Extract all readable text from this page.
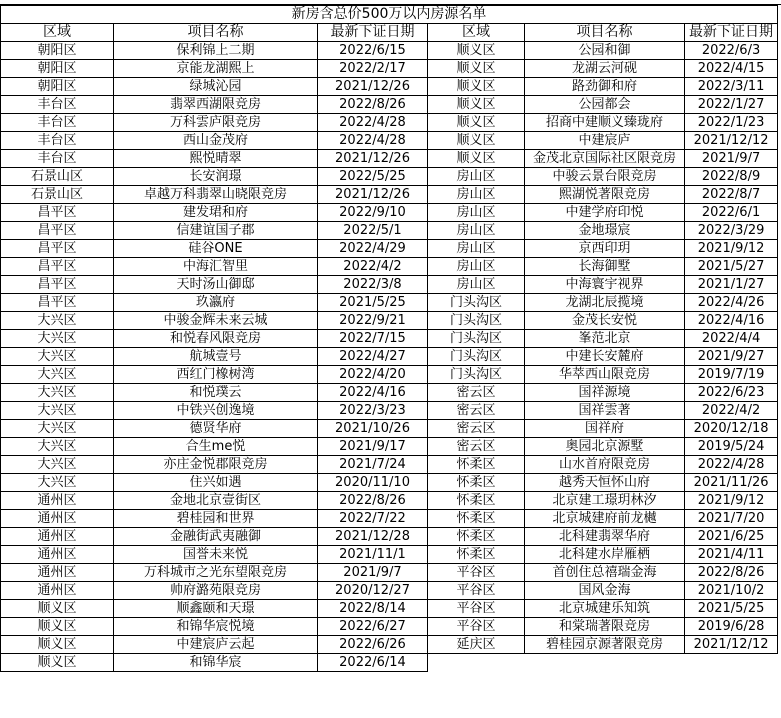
新房含总价500万以内房源名单					
区域	项目名称	最新下证日期	区域	项目名称	最新下证日期
朝阳区	保利锦上二期	2022/6/15	顺义区	公园和御	2022/6/3
朝阳区	京能龙湖熙上	2022/2/17	顺义区	龙湖云河砚	2022/4/15
朝阳区	绿城沁园	2021/12/26	顺义区	路劲御和府	2022/3/11
丰台区	翡翠西湖限竞房	2022/8/26	顺义区	公园都会	2022/1/27
丰台区	万科雲庐限竞房	2022/4/28	顺义区	招商中建顺义臻珑府	2022/1/23
丰台区	西山金茂府	2022/4/28	顺义区	中建宸庐	2021/12/12
丰台区	熙悦晴翠	2021/12/26	顺义区	金茂北京国际社区限竞房	2021/9/7
石景山区	长安润璟	2022/5/25	房山区	中骏云景台限竞房	2022/8/9
石景山区	卓越万科翡翠山晓限竞房	2021/12/26	房山区	熙湖悦著限竞房	2022/8/7
昌平区	建发珺和府	2022/9/10	房山区	中建学府印悦	2022/6/1
昌平区	信建谊国子郡	2022/5/1	房山区	金地璟宸	2022/3/29
昌平区	硅谷ONE	2022/4/29	房山区	京西印玥	2021/9/12
昌平区	中海汇智里	2022/4/2	房山区	长海御墅	2021/5/27
昌平区	天时汤山御邸	2022/3/8	房山区	中海寰宇视界	2021/1/27
昌平区	玖瀛府	2021/5/25	门头沟区	龙湖北辰揽境	2022/4/26
大兴区	中骏金辉未来云城	2022/9/21	门头沟区	金茂长安悦	2022/4/16
大兴区	和悦春风限竞房	2022/7/15	门头沟区	峯范北京	2022/4/4
大兴区	航城壹号	2022/4/27	门头沟区	中建长安麓府	2021/9/27
大兴区	西红门橡树湾	2022/4/20	门头沟区	华萃西山限竞房	2019/7/19
大兴区	和悦璞云	2022/4/16	密云区	国祥源境	2022/6/23
大兴区	中铁兴创逸境	2022/3/23	密云区	国祥雲著	2022/4/2
大兴区	德贤华府	2021/10/26	密云区	国祥府	2020/12/18
大兴区	合生me悦	2021/9/17	密云区	奥园北京源墅	2019/5/24
大兴区	亦庄金悦郡限竞房	2021/7/24	怀柔区	山水首府限竞房	2022/4/28
大兴区	住兴如遇	2020/11/10	怀柔区	越秀天恒怀山府	2021/11/26
通州区	金地北京壹街区	2022/8/26	怀柔区	北京建工璟玥林汐	2021/9/12
通州区	碧桂园和世界	2022/7/22	怀柔区	北京城建府前龙樾	2021/7/20
通州区	金融街武夷融御	2021/12/28	怀柔区	北科建翡翠华府	2021/6/25
通州区	国誉未来悦	2021/11/1	怀柔区	北科建水岸雁栖	2021/4/11
通州区	万科城市之光东望限竞房	2021/9/7	平谷区	首创住总禧瑞金海	2022/8/26
通州区	帅府潞苑限竞房	2020/12/27	平谷区	国风金海	2021/10/2
顺义区	顺鑫颐和天璟	2022/8/14	平谷区	北京城建乐知筑	2021/5/25
顺义区	和锦华宸悦境	2022/6/27	平谷区	和棠瑞著限竞房	2019/6/28
顺义区	中建宸庐云起	2022/6/26	延庆区	碧桂园京源著限竞房	2021/12/12
顺义区	和锦华宸	2022/6/14			
